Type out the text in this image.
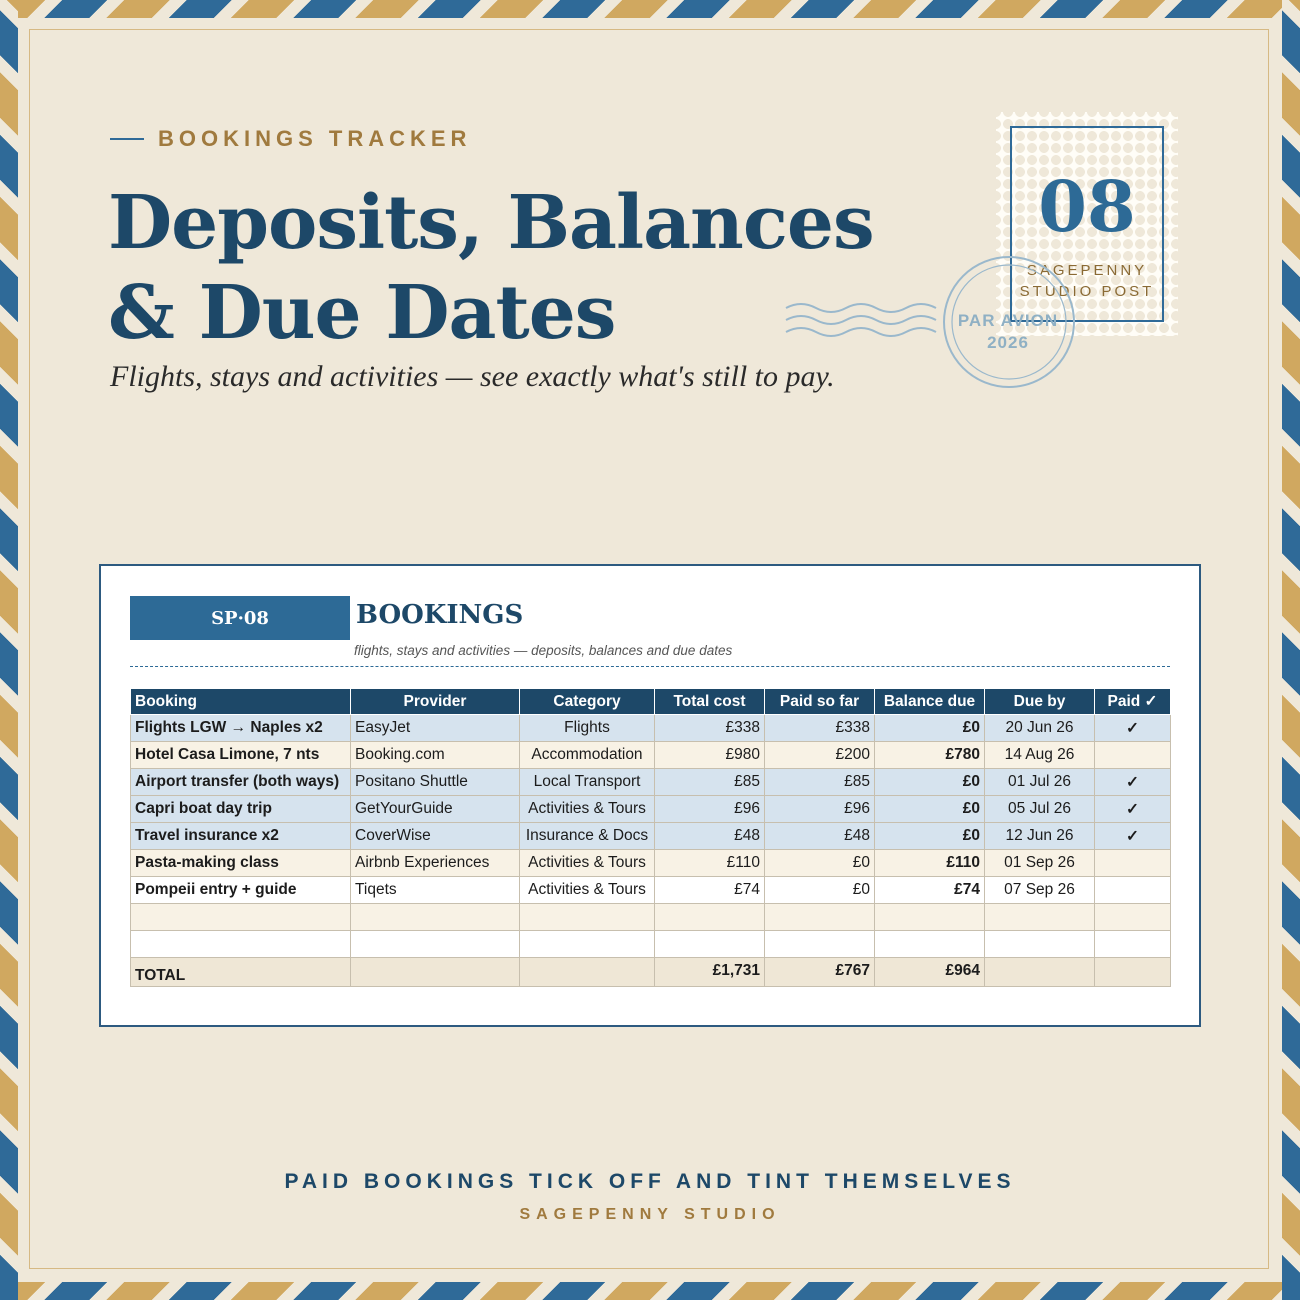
BOOKINGS TRACKER
Deposits, Balances
& Due Dates

Flights, stays and activities — see exactly what's still to pay.

08
SAGEPENNY
STUDIO POST
PAR AVION
2026
SP·08	BOOKINGS

flights, stays and activities — deposits, balances and due dates

Booking	Provider	Category	Total cost	Paid so far	Balance due	Due by	Paid ✓
Flights LGW → Naples x2	EasyJet	Flights	£338	£338	£0	20 Jun 26	✓
Hotel Casa Limone, 7 nts	Booking.com	Accommodation	£980	£200	£780	14 Aug 26	
Airport transfer (both ways)	Positano Shuttle	Local Transport	£85	£85	£0	01 Jul 26	✓
Capri boat day trip	GetYourGuide	Activities & Tours	£96	£96	£0	05 Jul 26	✓
Travel insurance x2	CoverWise	Insurance & Docs	£48	£48	£0	12 Jun 26	✓
Pasta-making class	Airbnb Experiences	Activities & Tours	£110	£0	£110	01 Sep 26	
Pompeii entry + guide	Tiqets	Activities & Tours	£74	£0	£74	07 Sep 26	

TOTAL			£1,731	£767	£964		

PAID BOOKINGS TICK OFF AND TINT THEMSELVES

SAGEPENNY STUDIO
